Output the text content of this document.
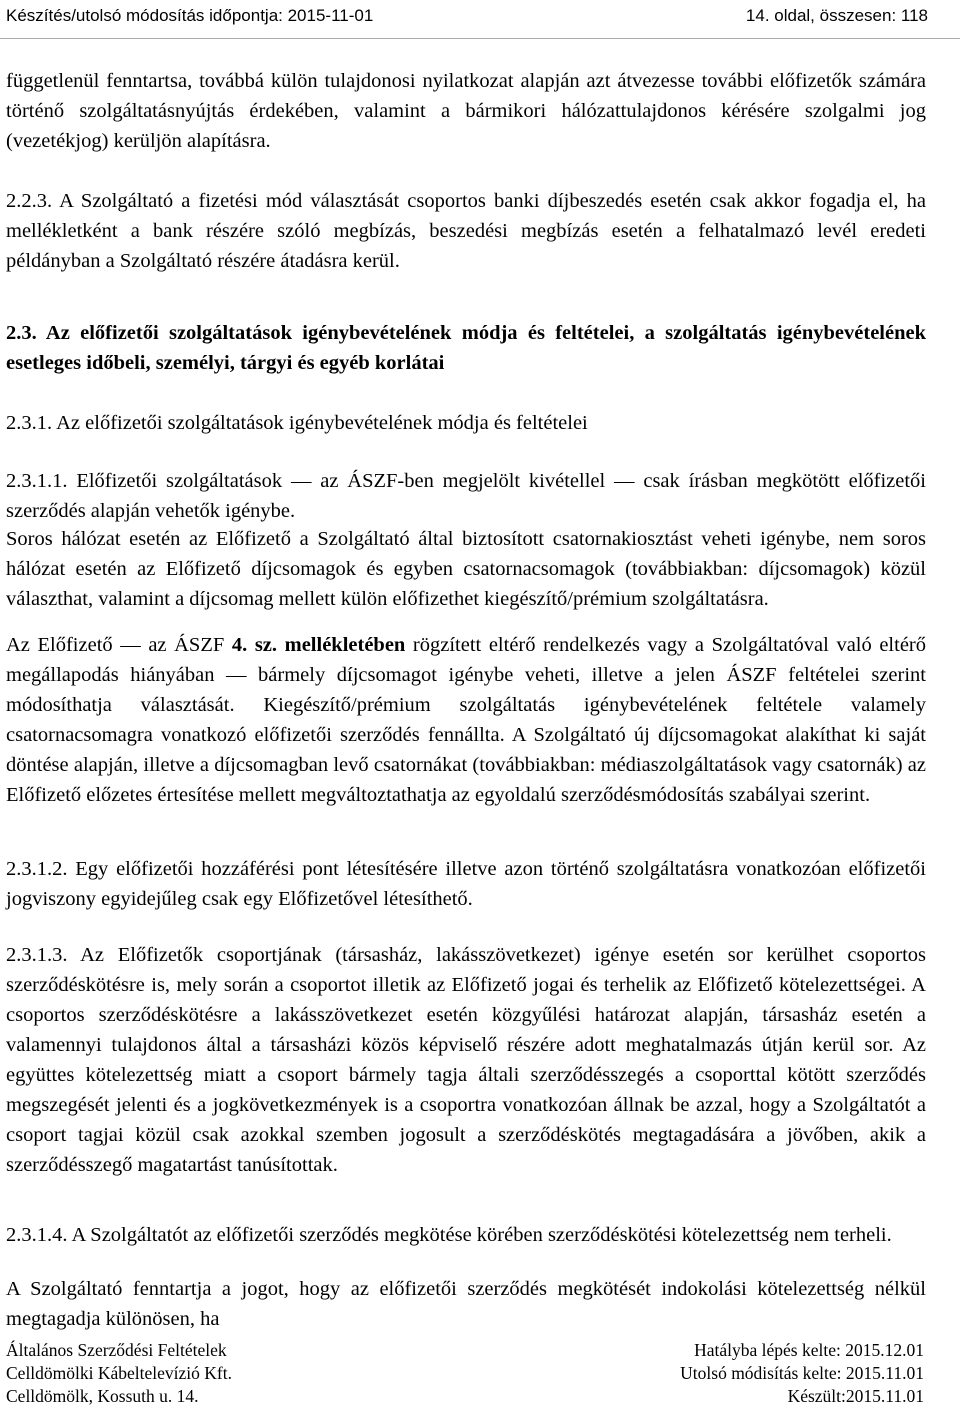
Készítés/utolsó módosítás időpontja: 2015-11-01	14. oldal, összesen: 118

függetlenül fenntartsa, továbbá külön tulajdonosi nyilatkozat alapján azt átvezesse további előfizetők számára történő szolgáltatásnyújtás érdekében, valamint a bármikori hálózattulajdonos kérésére szolgalmi jog (vezetékjog) kerüljön alapításra.

2.2.3. A Szolgáltató a fizetési mód választását csoportos banki díjbeszedés esetén csak akkor fogadja el, ha mellékletként a bank részére szóló megbízás, beszedési megbízás esetén a felhatalmazó levél eredeti példányban a Szolgáltató részére átadásra kerül.

2.3. Az előfizetői szolgáltatások igénybevételének módja és feltételei, a szolgáltatás igénybevételének esetleges időbeli, személyi, tárgyi és egyéb korlátai

2.3.1. Az előfizetői szolgáltatások igénybevételének módja és feltételei

2.3.1.1. Előfizetői szolgáltatások ― az ÁSZF-ben megjelölt kivétellel ― csak írásban megkötött előfizetői szerződés alapján vehetők igénybe.

Soros hálózat esetén az Előfizető a Szolgáltató által biztosított csatornakiosztást veheti igénybe, nem soros hálózat esetén az Előfizető díjcsomagok és egyben csatornacsomagok (továbbiakban: díjcsomagok) közül választhat, valamint a díjcsomag mellett külön előfizethet kiegészítő/prémium szolgáltatásra.

Az Előfizető ― az ÁSZF 4. sz. mellékletében rögzített eltérő rendelkezés vagy a Szolgáltatóval való eltérő megállapodás hiányában ― bármely díjcsomagot igénybe veheti, illetve a jelen ÁSZF feltételei szerint módosíthatja választását. Kiegészítő/prémium szolgáltatás igénybevételének feltétele valamely csatornacsomagra vonatkozó előfizetői szerződés fennállta. A Szolgáltató új díjcsomagokat alakíthat ki saját döntése alapján, illetve a díjcsomagban levő csatornákat (továbbiakban: médiaszolgáltatások vagy csatornák) az Előfizető előzetes értesítése mellett megváltoztathatja az egyoldalú szerződésmódosítás szabályai szerint.

2.3.1.2. Egy előfizetői hozzáférési pont létesítésére illetve azon történő szolgáltatásra vonatkozóan előfizetői jogviszony egyidejűleg csak egy Előfizetővel létesíthető.

2.3.1.3. Az Előfizetők csoportjának (társasház, lakásszövetkezet) igénye esetén sor kerülhet csoportos szerződéskötésre is, mely során a csoportot illetik az Előfizető jogai és terhelik az Előfizető kötelezettségei. A csoportos szerződéskötésre a lakásszövetkezet esetén közgyűlési határozat alapján, társasház esetén a valamennyi tulajdonos által a társasházi közös képviselő részére adott meghatalmazás útján kerül sor. Az együttes kötelezettség miatt a csoport bármely tagja általi szerződésszegés a csoporttal kötött szerződés megszegését jelenti és a jogkövetkezmények is a csoportra vonatkozóan állnak be azzal, hogy a Szolgáltatót a csoport tagjai közül csak azokkal szemben jogosult a szerződéskötés megtagadására a jövőben, akik a szerződésszegő magatartást tanúsítottak.

2.3.1.4. A Szolgáltatót az előfizetői szerződés megkötése körében szerződéskötési kötelezettség nem terheli.

A Szolgáltató fenntartja a jogot, hogy az előfizetői szerződés megkötését indokolási kötelezettség nélkül megtagadja különösen, ha

Általános Szerződési Feltételek
Celldömölki Kábeltelevízió Kft.
Celldömölk, Kossuth u. 14.
Hatályba lépés kelte: 2015.12.01
Utolsó módisítás kelte: 2015.11.01
Készült:2015.11.01
